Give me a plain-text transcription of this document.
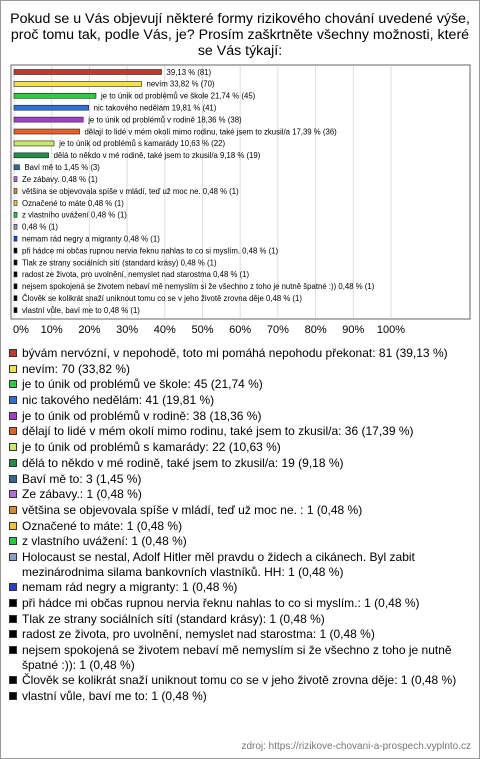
Pokud se u Vás objevují některé formy rizikového chování uvedené výše, proč tomu tak, podle Vás, je? Prosím zaškrtněte všechny možnosti, které se Vás týkají:
0% 10% 20% 30% 40% 50% 60% 70% 80% 90% 100%
39,13 % (81)
nevím 33,82 % (70)
je to únik od problémů ve škole 21,74 % (45)
nic takového nedělám 19,81 % (41)
je to únik od problémů v rodině 18,36 % (38)
dělají to lidé v mém okolí mimo rodinu, také jsem to zkusil/a 17,39 % (36)
je to únik od problémů s kamarády 10,63 % (22)
dělá to někdo v mé rodině, také jsem to zkusil/a 9,18 % (19)
Baví mě to 1,45 % (3)
Ze zábavy. 0,48 % (1)
většina se objevovala spíše v mládí, teď už moc ne. 0,48 % (1)
Označené to máte 0,48 % (1)
z vlastního uvážení 0,48 % (1)
0,48 % (1)
nemam rád negry a migranty 0,48 % (1)
při hádce mi občas rupnou nervia řeknu nahlas to co si myslím. 0,48 % (1)
Tlak ze strany sociálních sítí (standard krásy) 0,48 % (1)
radost ze života, pro uvolnění, nemyslet nad starostma 0,48 % (1)
nejsem spokojená se životem nebaví mě nemyslím si že všechno z toho je nutně špatné :)) 0,48 % (1)
Člověk se kolikrát snaží uniknout tomu co se v jeho životě zrovna děje 0,48 % (1)
vlastní vůle, baví me to 0,48 % (1)
bývám nervózní, v nepohodě, toto mi pomáhá nepohodu překonat: 81 (39,13 %)
nevím: 70 (33,82 %)
je to únik od problémů ve škole: 45 (21,74 %)
nic takového nedělám: 41 (19,81 %)
je to únik od problémů v rodině: 38 (18,36 %)
dělají to lidé v mém okolí mimo rodinu, také jsem to zkusil/a: 36 (17,39 %)
je to únik od problémů s kamarády: 22 (10,63 %)
dělá to někdo v mé rodině, také jsem to zkusil/a: 19 (9,18 %)
Baví mě to: 3 (1,45 %)
Ze zábavy.: 1 (0,48 %)
většina se objevovala spíše v mládí, teď už moc ne. : 1 (0,48 %)
Označené to máte: 1 (0,48 %)
z vlastního uvážení: 1 (0,48 %)
Holocaust se nestal, Adolf Hitler měl pravdu o židech a cikánech. Byl zabit mezinárodnima silama bankovních vlastníků. HH: 1 (0,48 %)
nemam rád negry a migranty: 1 (0,48 %)
při hádce mi občas rupnou nervia řeknu nahlas to co si myslím.: 1 (0,48 %)
Tlak ze strany sociálních sítí (standard krásy): 1 (0,48 %)
radost ze života, pro uvolnění, nemyslet nad starostma: 1 (0,48 %)
nejsem spokojená se životem nebaví mě nemyslím si že všechno z toho je nutně špatné :)): 1 (0,48 %)
Člověk se kolikrát snaží uniknout tomu co se v jeho životě zrovna děje: 1 (0,48 %)
vlastní vůle, baví me to: 1 (0,48 %)
zdroj: https://rizikove-chovani-a-prospech.vyplnto.cz
